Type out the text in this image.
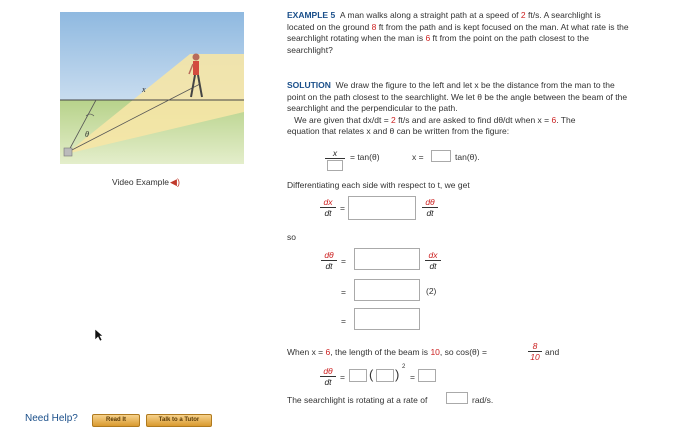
x
θ
Video Example◀)
EXAMPLE 5 A man walks along a straight path at a speed of 2 ft/s. A searchlight is
located on the ground 8 ft from the path and is kept focused on the man. At what rate is the
searchlight rotating when the man is 6 ft from the point on the path closest to the
searchlight?
SOLUTION We draw the figure to the left and let x be the distance from the man to the
point on the path closest to the searchlight. We let θ be the angle between the beam of the
searchlight and the perpendicular to the path.
We are given that dx/dt = 2 ft/s and are asked to find dθ/dt when x = 6. The
equation that relates x and θ can be written from the figure:
x	= tan(θ)	x =	tan(θ).
Differentiating each side with respect to t, we get
$\frac{dx}{dt}$ =	$\frac{d\theta}{dt}$
so
$\frac{d\theta}{dt}$ =	$\frac{dx}{dt}$
=	(2)
=
When x = 6, the length of the beam is 10, so cos(θ) =	$\frac{8}{10}$ and
$\frac{d\theta}{dt}$ = ( ) 2
=
The searchlight is rotating at a rate of	rad/s.
Need Help?	Read It	Talk to a Tutor
